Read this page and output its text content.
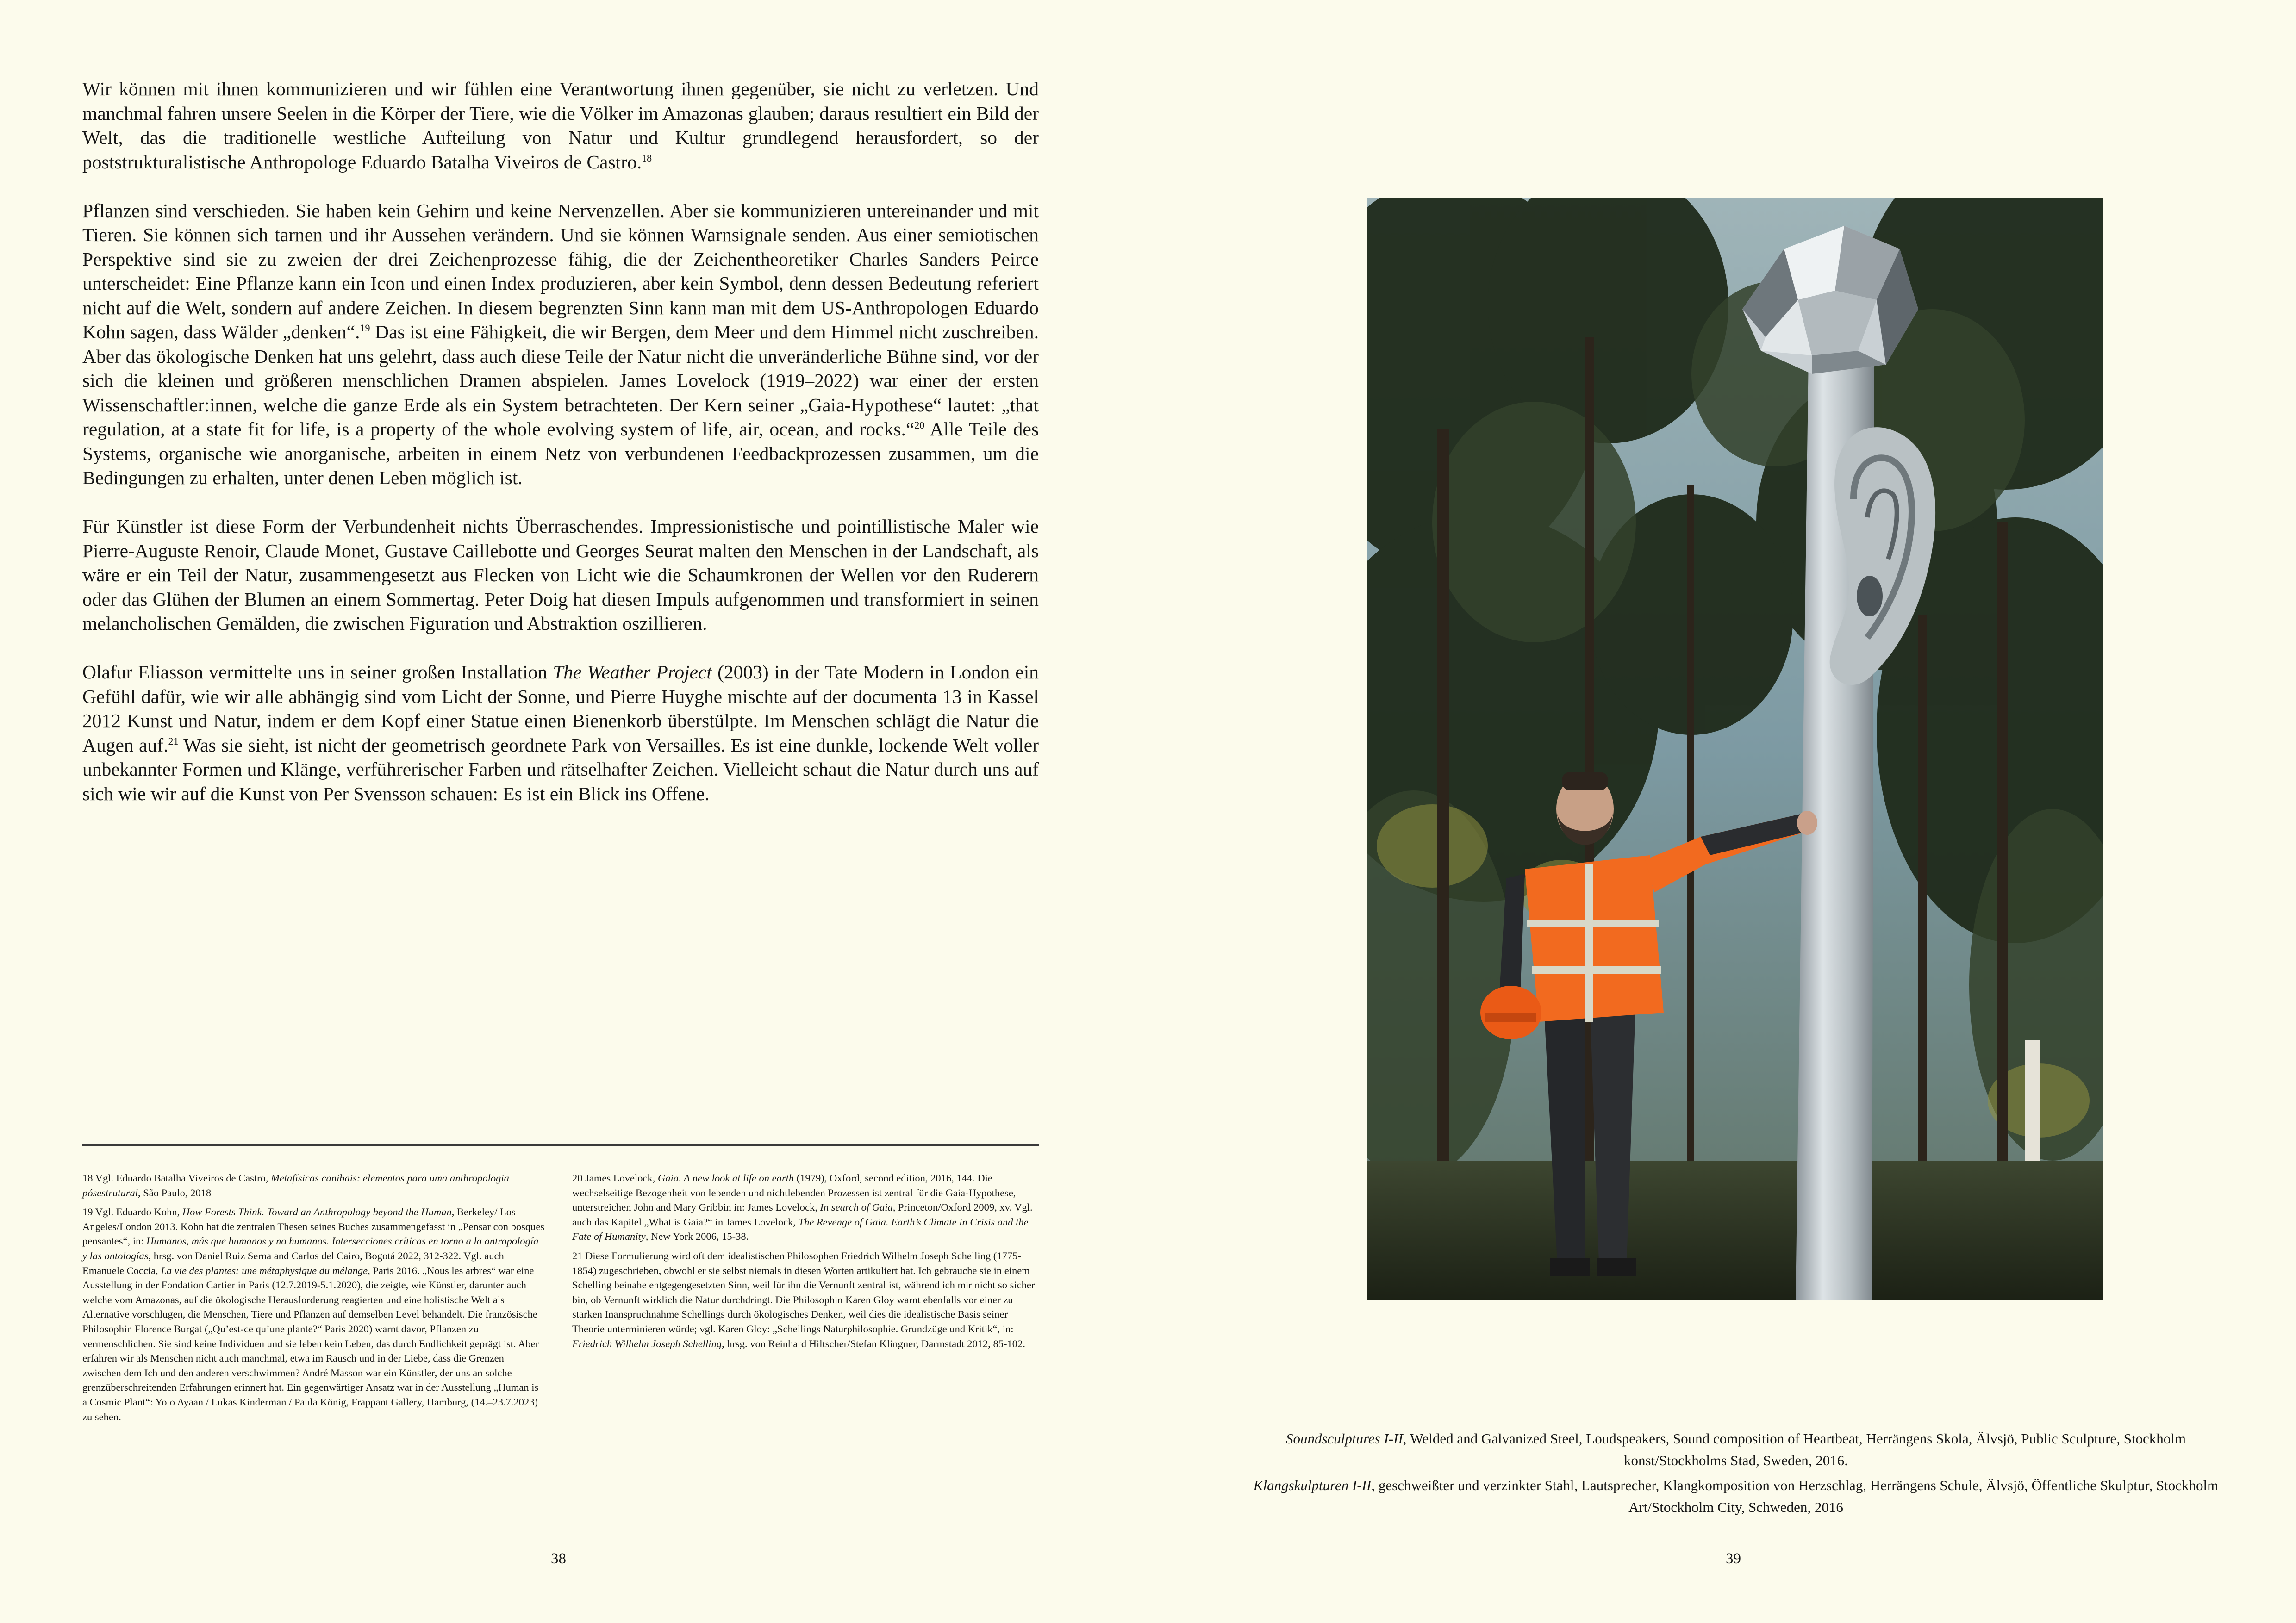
Wir können mit ihnen kommunizieren und wir fühlen eine Verantwortung ihnen gegenüber, sie nicht zu verletzen. Und manchmal fahren unsere Seelen in die Körper der Tiere, wie die Völker im Amazonas glauben; daraus resultiert ein Bild der Welt, das die traditionelle westliche Aufteilung von Natur und Kultur grundlegend herausfordert, so der poststrukturalistische Anthropologe Eduardo Batalha Viveiros de Castro.$^{18}$

Pflanzen sind verschieden. Sie haben kein Gehirn und keine Nervenzellen. Aber sie kommunizieren untereinander und mit Tieren. Sie können sich tarnen und ihr Aussehen verändern. Und sie können Warnsignale senden. Aus einer semiotischen Perspektive sind sie zu zweien der drei Zeichenprozesse fähig, die der Zeichentheoretiker Charles Sanders Peirce unterscheidet: Eine Pflanze kann ein Icon und einen Index produzieren, aber kein Symbol, denn dessen Bedeutung referiert nicht auf die Welt, sondern auf andere Zeichen. In diesem begrenzten Sinn kann man mit dem US-Anthropologen Eduardo Kohn sagen, dass Wälder „denken“.$^{19}$ Das ist eine Fähigkeit, die wir Bergen, dem Meer und dem Himmel nicht zuschreiben. Aber das ökologische Denken hat uns gelehrt, dass auch diese Teile der Natur nicht die unveränderliche Bühne sind, vor der sich die kleinen und größeren menschlichen Dramen abspielen. James Lovelock (1919–2022) war einer der ersten Wissenschaftler:innen, welche die ganze Erde als ein System betrachteten. Der Kern seiner „Gaia-Hypothese“ lautet: „that regulation, at a state fit for life, is a property of the whole evolving system of life, air, ocean, and rocks.“$^{20}$ Alle Teile des Systems, organische wie anorganische, arbeiten in einem Netz von verbundenen Feedbackprozessen zusammen, um die Bedingungen zu erhalten, unter denen Leben möglich ist.

Für Künstler ist diese Form der Verbundenheit nichts Überraschendes. Impressionistische und pointillistische Maler wie Pierre-Auguste Renoir, Claude Monet, Gustave Caillebotte und Georges Seurat malten den Menschen in der Landschaft, als wäre er ein Teil der Natur, zusammengesetzt aus Flecken von Licht wie die Schaumkronen der Wellen vor den Ruderern oder das Glühen der Blumen an einem Sommertag. Peter Doig hat diesen Impuls aufgenommen und transformiert in seinen melancholischen Gemälden, die zwischen Figuration und Abstraktion oszillieren.

Olafur Eliasson vermittelte uns in seiner großen Installation The Weather Project (2003) in der Tate Modern in London ein Gefühl dafür, wie wir alle abhängig sind vom Licht der Sonne, und Pierre Huyghe mischte auf der documenta 13 in Kassel 2012 Kunst und Natur, indem er dem Kopf einer Statue einen Bienenkorb überstülpte. Im Menschen schlägt die Natur die Augen auf.$^{21}$ Was sie sieht, ist nicht der geometrisch geordnete Park von Versailles. Es ist eine dunkle, lockende Welt voller unbekannter Formen und Klänge, verführerischer Farben und rätselhafter Zeichen. Vielleicht schaut die Natur durch uns auf sich wie wir auf die Kunst von Per Svensson schauen: Es ist ein Blick ins Offene.

18 Vgl. Eduardo Batalha Viveiros de Castro, Metafísicas canibais: elementos para uma anthropologia pósestrutural, São Paulo, 2018

19 Vgl. Eduardo Kohn, How Forests Think. Toward an Anthropology beyond the Human, Berkeley/ Los Angeles/London 2013. Kohn hat die zentralen Thesen seines Buches zusammengefasst in „Pensar con bosques pensantes“, in: Humanos, más que humanos y no humanos. Intersecciones críticas en torno a la antropología y las ontologías, hrsg. von Daniel Ruiz Serna and Carlos del Cairo, Bogotá 2022, 312-322. Vgl. auch Emanuele Coccia, La vie des plantes: une métaphysique du mélange, Paris 2016. „Nous les arbres“ war eine Ausstellung in der Fondation Cartier in Paris (12.7.2019-5.1.2020), die zeigte, wie Künstler, darunter auch welche vom Amazonas, auf die ökologische Herausforderung reagierten und eine holistische Welt als Alternative vorschlugen, die Menschen, Tiere und Pflanzen auf demselben Level behandelt. Die französische Philosophin Florence Burgat („Qu’est-ce qu’une plante?“ Paris 2020) warnt davor, Pflanzen zu vermenschlichen. Sie sind keine Individuen und sie leben kein Leben, das durch Endlichkeit geprägt ist. Aber erfahren wir als Menschen nicht auch manchmal, etwa im Rausch und in der Liebe, dass die Grenzen zwischen dem Ich und den anderen verschwimmen? André Masson war ein Künstler, der uns an solche grenzüberschreitenden Erfahrungen erinnert hat. Ein gegenwärtiger Ansatz war in der Ausstellung „Human is a Cosmic Plant“: Yoto Ayaan / Lukas Kinderman / Paula König, Frappant Gallery, Hamburg, (14.–23.7.2023) zu sehen.

20 James Lovelock, Gaia. A new look at life on earth (1979), Oxford, second edition, 2016, 144. Die wechselseitige Bezogenheit von lebenden und nichtlebenden Prozessen ist zentral für die Gaia-Hypothese, unterstreichen John and Mary Gribbin in: James Lovelock, In search of Gaia, Princeton/Oxford 2009, xv. Vgl. auch das Kapitel „What is Gaia?“ in James Lovelock, The Revenge of Gaia. Earth’s Climate in Crisis and the Fate of Humanity, New York 2006, 15-38.

21 Diese Formulierung wird oft dem idealistischen Philosophen Friedrich Wilhelm Joseph Schelling (1775-1854) zugeschrieben, obwohl er sie selbst niemals in diesen Worten artikuliert hat. Ich gebrauche sie in einem Schelling beinahe entgegengesetzten Sinn, weil für ihn die Vernunft zentral ist, während ich mir nicht so sicher bin, ob Vernunft wirklich die Natur durchdringt. Die Philosophin Karen Gloy warnt ebenfalls vor einer zu starken Inanspruchnahme Schellings durch ökologisches Denken, weil dies die idealistische Basis seiner Theorie unterminieren würde; vgl. Karen Gloy: „Schellings Naturphilosophie. Grundzüge und Kritik“, in: Friedrich Wilhelm Joseph Schelling, hrsg. von Reinhard Hiltscher/Stefan Klingner, Darmstadt 2012, 85-102.

38
Soundsculptures I-II, Welded and Galvanized Steel, Loudspeakers, Sound composition of Heartbeat, Herrängens Skola, Älvsjö, Public Sculpture, Stockholm konst/Stockholms Stad, Sweden, 2016.
Klangskulpturen I-II, geschweißter und verzinkter Stahl, Lautsprecher, Klangkomposition von Herzschlag, Herrängens Schule, Älvsjö, Öffentliche Skulptur, Stockholm Art/Stockholm City, Schweden, 2016
39
